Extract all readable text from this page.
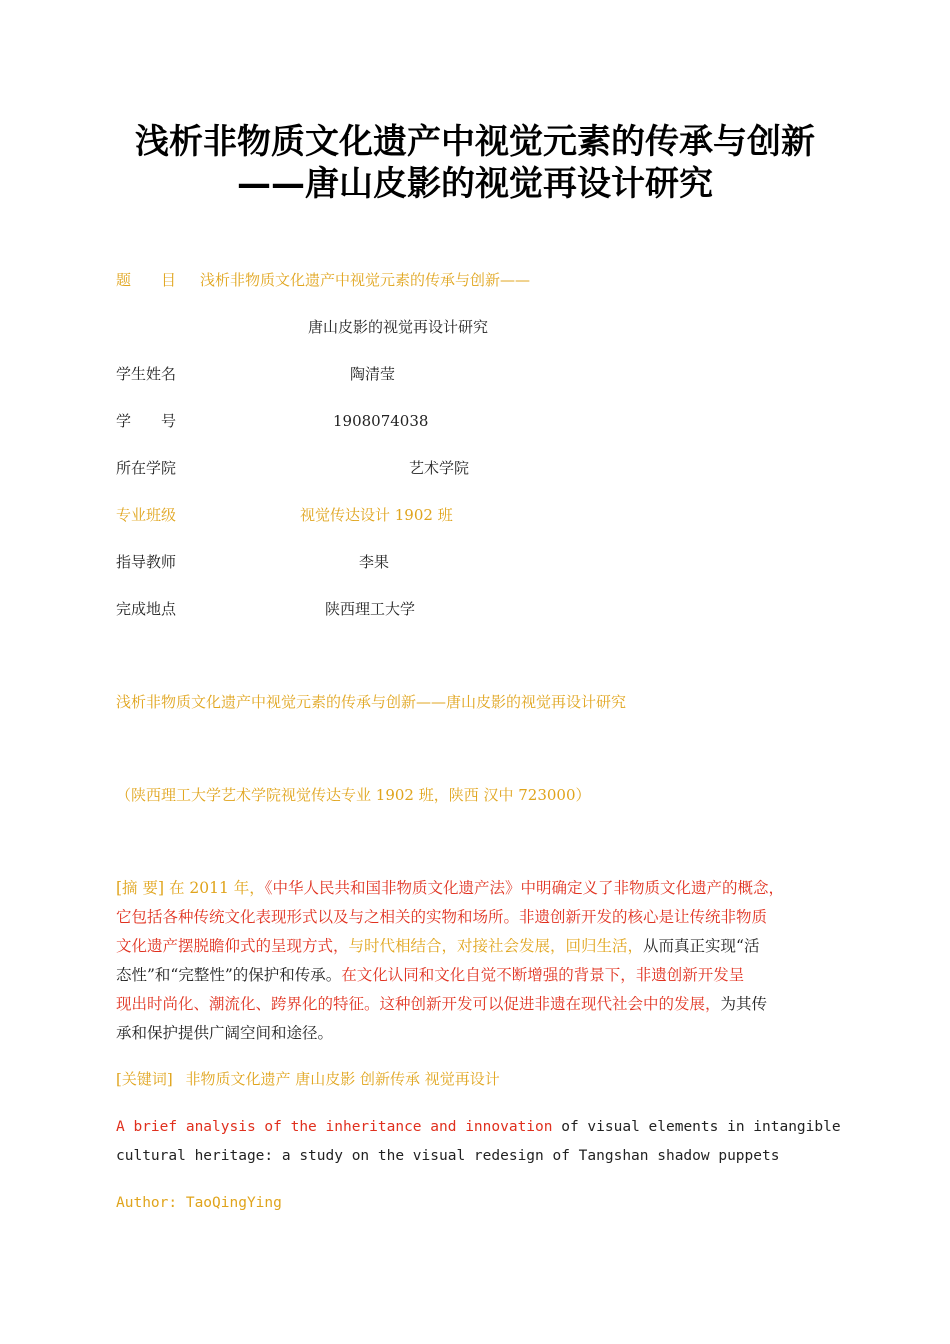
浅析非物质文化遗产中视觉元素的传承与创新
——唐山皮影的视觉再设计研究
题　　目 浅析非物质文化遗产中视觉元素的传承与创新——
唐山皮影的视觉再设计研究
学生姓名	陶清莹
学　　号	1908074038
所在学院	艺术学院
专业班级	视觉传达设计 1902 班
指导教师	李果
完成地点	陕西理工大学
浅析非物质文化遗产中视觉元素的传承与创新——唐山皮影的视觉再设计研究
（陕西理工大学艺术学院视觉传达专业 1902 班，陕西 汉中 723000）

[摘 要] 在 2011 年，《中华人民共和国非物质文化遗产法》中明确定义了非物质文化遗产的概念，

它包括各种传统文化表现形式以及与之相关的实物和场所。非遗创新开发的核心是让传统非物质

文化遗产摆脱瞻仰式的呈现方式，与时代相结合，对接社会发展，回归生活，从而真正实现“活

态性”和“完整性”的保护和传承。在文化认同和文化自觉不断增强的背景下，非遗创新开发呈

现出时尚化、潮流化、跨界化的特征。这种创新开发可以促进非遗在现代社会中的发展，为其传

承和保护提供广阔空间和途径。

[关键词] 非物质文化遗产 唐山皮影 创新传承 视觉再设计
A brief analysis of the inheritance and innovation of visual elements in intangible
cultural heritage: a study on the visual redesign of Tangshan shadow puppets
Author: TaoQingYing
